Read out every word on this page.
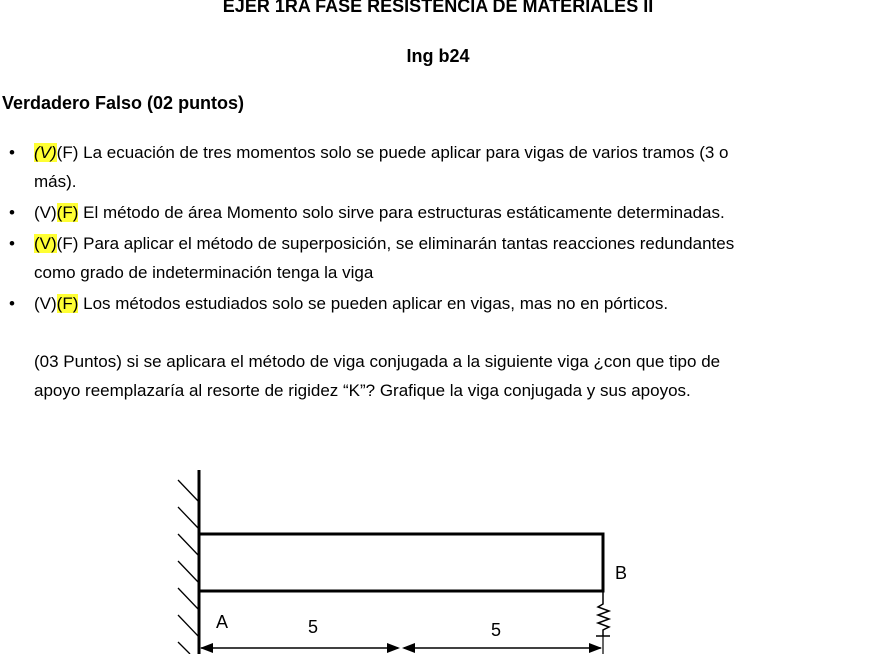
EJER 1RA FASE RESISTENCIA DE MATERIALES II
Ing b24
Verdadero Falso (02 puntos)
• (V)(F) La ecuación de tres momentos solo se puede aplicar para vigas de varios tramos (3 o
más).
• (V)(F) El método de área Momento solo sirve para estructuras estáticamente determinadas.
• (V)(F) Para aplicar el método de superposición, se eliminarán tantas reacciones redundantes
como grado de indeterminación tenga la viga
• (V)(F) Los métodos estudiados solo se pueden aplicar en vigas, mas no en pórticos.
(03 Puntos) si se aplicara el método de viga conjugada a la siguiente viga ¿con que tipo de
apoyo reemplazaría al resorte de rigidez “K”? Grafique la viga conjugada y sus apoyos.
B
A	5	5
